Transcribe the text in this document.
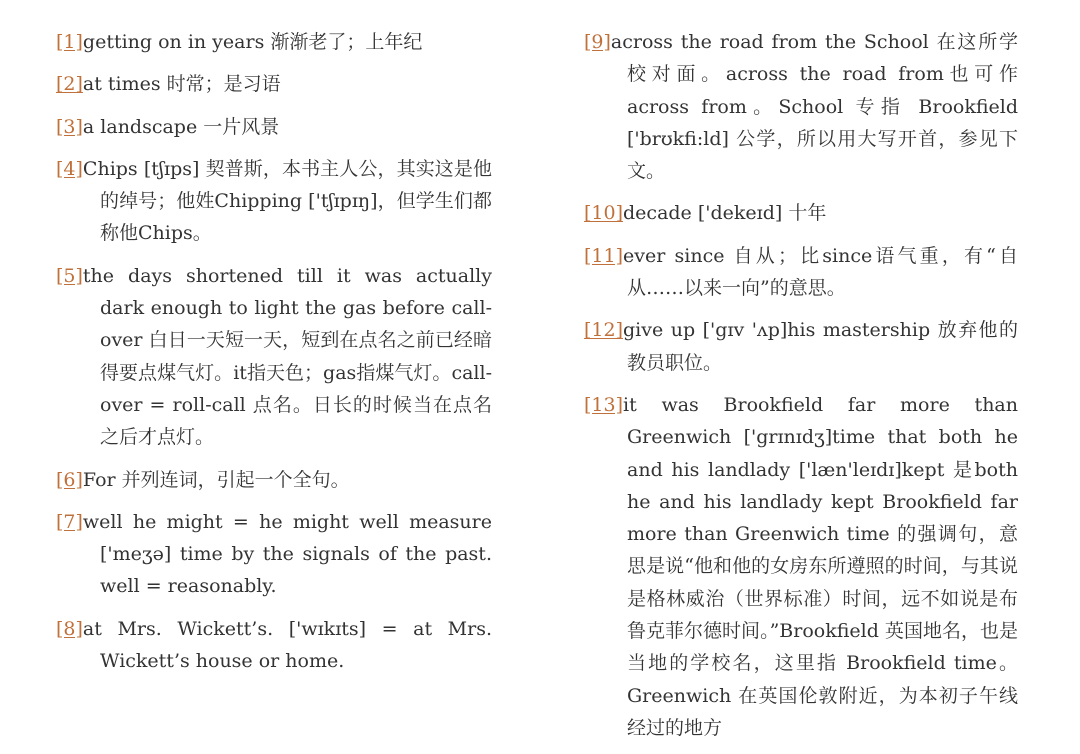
[1]getting on in years 渐渐老了；上年纪

[2]at times 时常；是习语

[3]a landscape 一片风景

[4]Chips [tʃɪps] 契普斯，本书主人公，其实这是他的绰号；他姓Chipping ['tʃɪpɪŋ]，但学生们都称他Chips。

[5]the days shortened till it was actually dark enough to light the gas before call-over 白日一天短一天，短到在点名之前已经暗得要点煤气灯。it指天色；gas指煤气灯。call-over = roll-call 点名。日长的时候当在点名之后才点灯。

[6]For 并列连词，引起一个全句。

[7]well he might = he might well measure ['meʒə] time by the signals of the past. well = reasonably.

[8]at Mrs. Wickett’s. ['wɪkɪts] = at Mrs. Wickett’s house or home.

[9]across the road from the School 在这所学校对面。across the road from也可作across from。School 专指 Brookfield ['brʊkfi:ld] 公学，所以用大写开首，参见下文。

[10]decade ['dekeɪd] 十年

[11]ever since 自从；比since语气重，有“自从……以来一向”的意思。

[12]give up ['gɪv 'ʌp]his mastership 放弃他的教员职位。

[13]it was Brookfield far more than Greenwich ['grɪnɪdʒ]time that both he and his landlady ['læn'leɪdɪ]kept 是both he and his landlady kept Brookfield far more than Greenwich time 的强调句，意思是说“他和他的女房东所遵照的时间，与其说是格林威治（世界标准）时间，远不如说是布鲁克菲尔德时间。”Brookfield 英国地名，也是当地的学校名，这里指 Brookfield time。Greenwich 在英国伦敦附近，为本初子午线经过的地方
